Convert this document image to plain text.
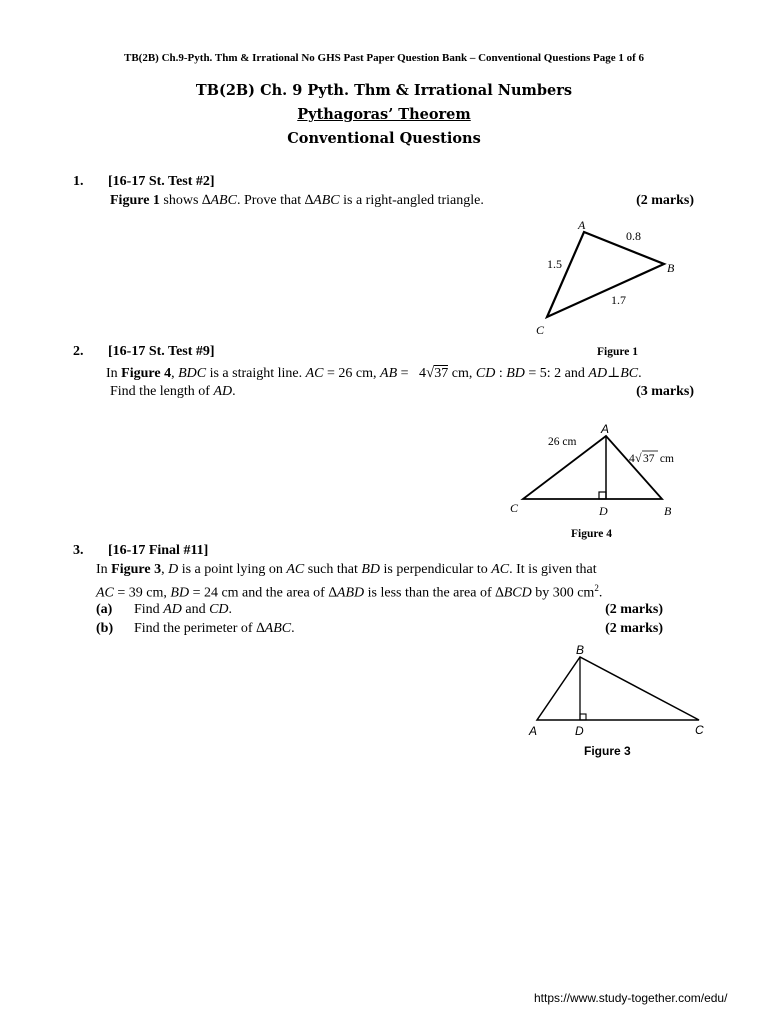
TB(2B) Ch.9-Pyth. Thm & Irrational No GHS Past Paper Question Bank – Conventional Questions Page 1 of 6
TB(2B) Ch. 9 Pyth. Thm & Irrational Numbers
Pythagoras’ Theorem
Conventional Questions
1. [16-17 St. Test #2]
Figure 1 shows ∆ABC. Prove that ∆ABC is a right-angled triangle.	(2 marks)
A
B
C
0.8
1.5
1.7
Figure 1
2. [16-17 St. Test #9]
In Figure 4, BDC is a straight line. AC = 26 cm, AB =   4√37 cm, CD : BD = 5: 2 and AD⊥BC.
Find the length of AD.	(3 marks)
A
B
C	D
26 cm
4 √ 37 cm
Figure 4
3. [16-17 Final #11]
In Figure 3, D is a point lying on AC such that BD is perpendicular to AC. It is given that
AC = 39 cm, BD = 24 cm and the area of ∆ABD is less than the area of ∆BCD by 300 $cm^2$.
(a) Find AD and CD.	(2 marks)
(b) Find the perimeter of ∆ABC.	(2 marks)
B
A	C
D
Figure 3
https://www.study-together.com/edu/
